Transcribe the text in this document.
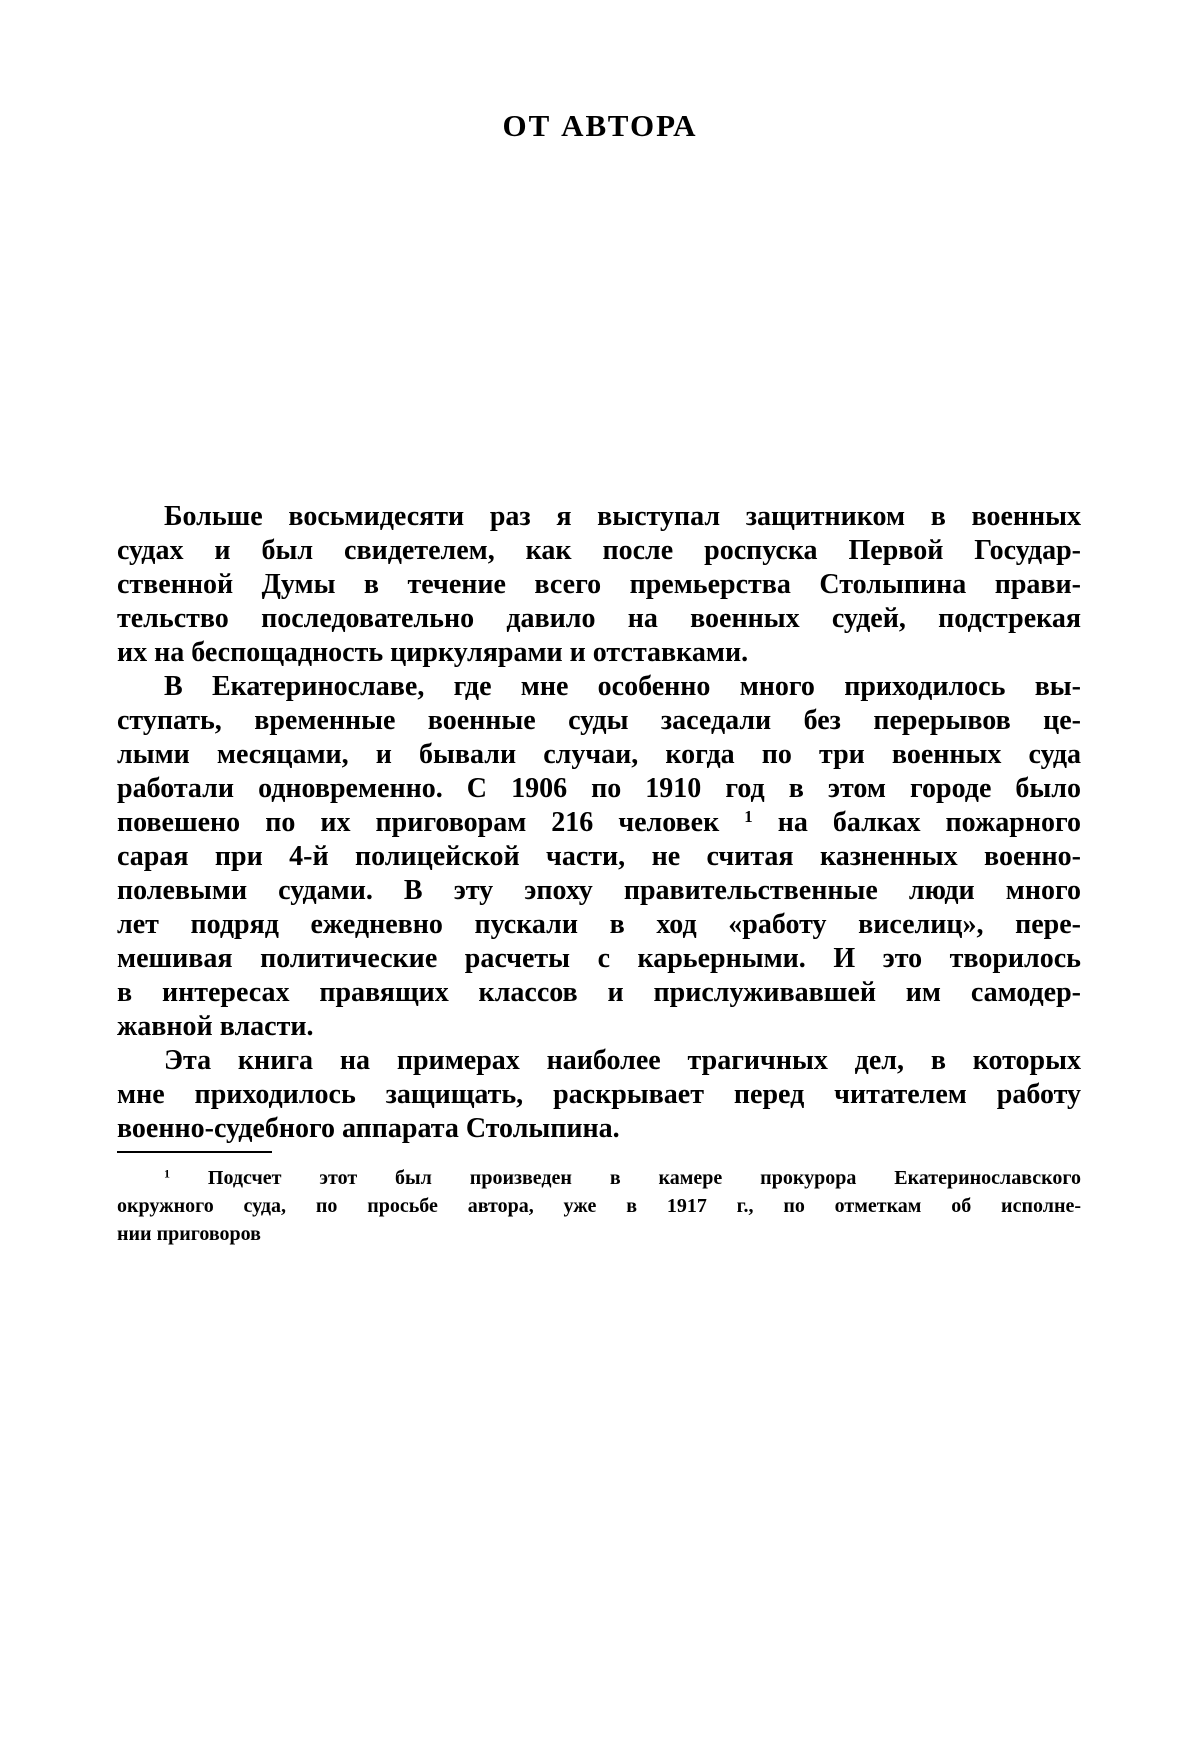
ОТ АВТОРА
Больше восьмидесяти раз я выступал защитником в военных
судах и был свидетелем, как после роспуска Первой Государ-
ственной Думы в течение всего премьерства Столыпина прави-
тельство последовательно давило на военных судей, подстрекая
их на беспощадность циркулярами и отставками.
В Екатеринославе, где мне особенно много приходилось вы-
ступать, временные военные суды заседали без перерывов це-
лыми месяцами, и бывали случаи, когда по три военных суда
работали одновременно. С 1906 по 1910 год в этом городе было
повешено по их приговорам 216 человек $^1$ на балках пожарного
сарая при 4-й полицейской части, не считая казненных военно-
полевыми судами. В эту эпоху правительственные люди много
лет подряд ежедневно пускали в ход «работу виселиц», пере-
мешивая политические расчеты с карьерными. И это творилось
в интересах правящих классов и прислуживавшей им самодер-
жавной власти.
Эта книга на примерах наиболее трагичных дел, в которых
мне приходилось защищать, раскрывает перед читателем работу
военно-судебного аппарата Столыпина.
$^1$ Подсчет этот был произведен в камере прокурора Екатеринославского
окружного суда, по просьбе автора, уже в 1917 г., по отметкам об исполне-
нии приговоров
